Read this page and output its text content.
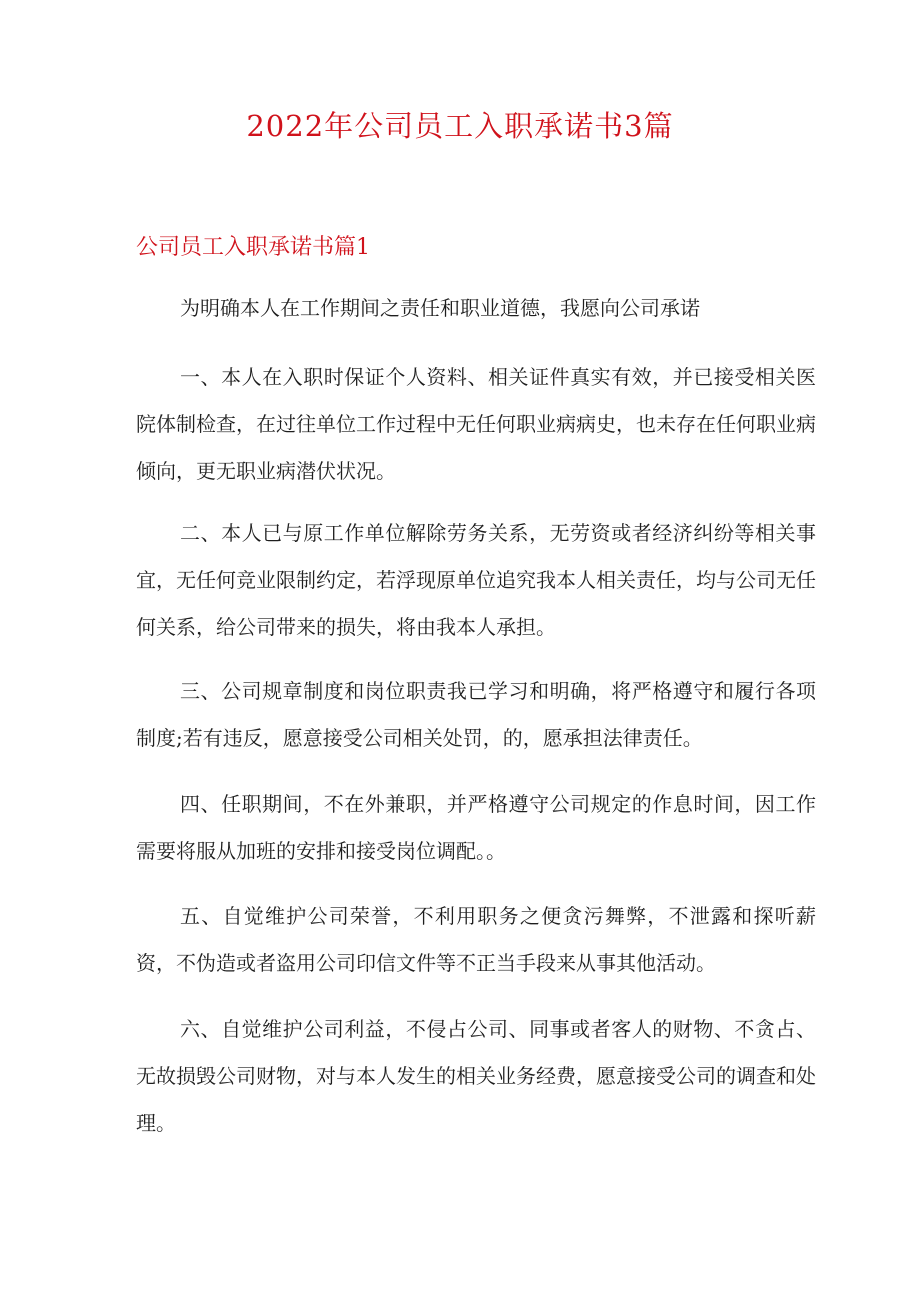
2022年公司员工入职承诺书3篇
公司员工入职承诺书篇1

为明确本人在工作期间之责任和职业道德，我愿向公司承诺

一、本人在入职时保证个人资料、相关证件真实有效，并已接受相关医院体制检查，在过往单位工作过程中无任何职业病病史，也未存在任何职业病倾向，更无职业病潜伏状况。

二、本人已与原工作单位解除劳务关系，无劳资或者经济纠纷等相关事宜，无任何竞业限制约定，若浮现原单位追究我本人相关责任，均与公司无任何关系，给公司带来的损失，将由我本人承担。

三、公司规章制度和岗位职责我已学习和明确，将严格遵守和履行各项制度;若有违反，愿意接受公司相关处罚，的，愿承担法律责任。

四、任职期间，不在外兼职，并严格遵守公司规定的作息时间，因工作需要将服从加班的安排和接受岗位调配。。

五、自觉维护公司荣誉，不利用职务之便贪污舞弊，不泄露和探听薪资，不伪造或者盗用公司印信文件等不正当手段来从事其他活动。

六、自觉维护公司利益，不侵占公司、同事或者客人的财物、不贪占、无故损毁公司财物，对与本人发生的相关业务经费，愿意接受公司的调查和处理。
